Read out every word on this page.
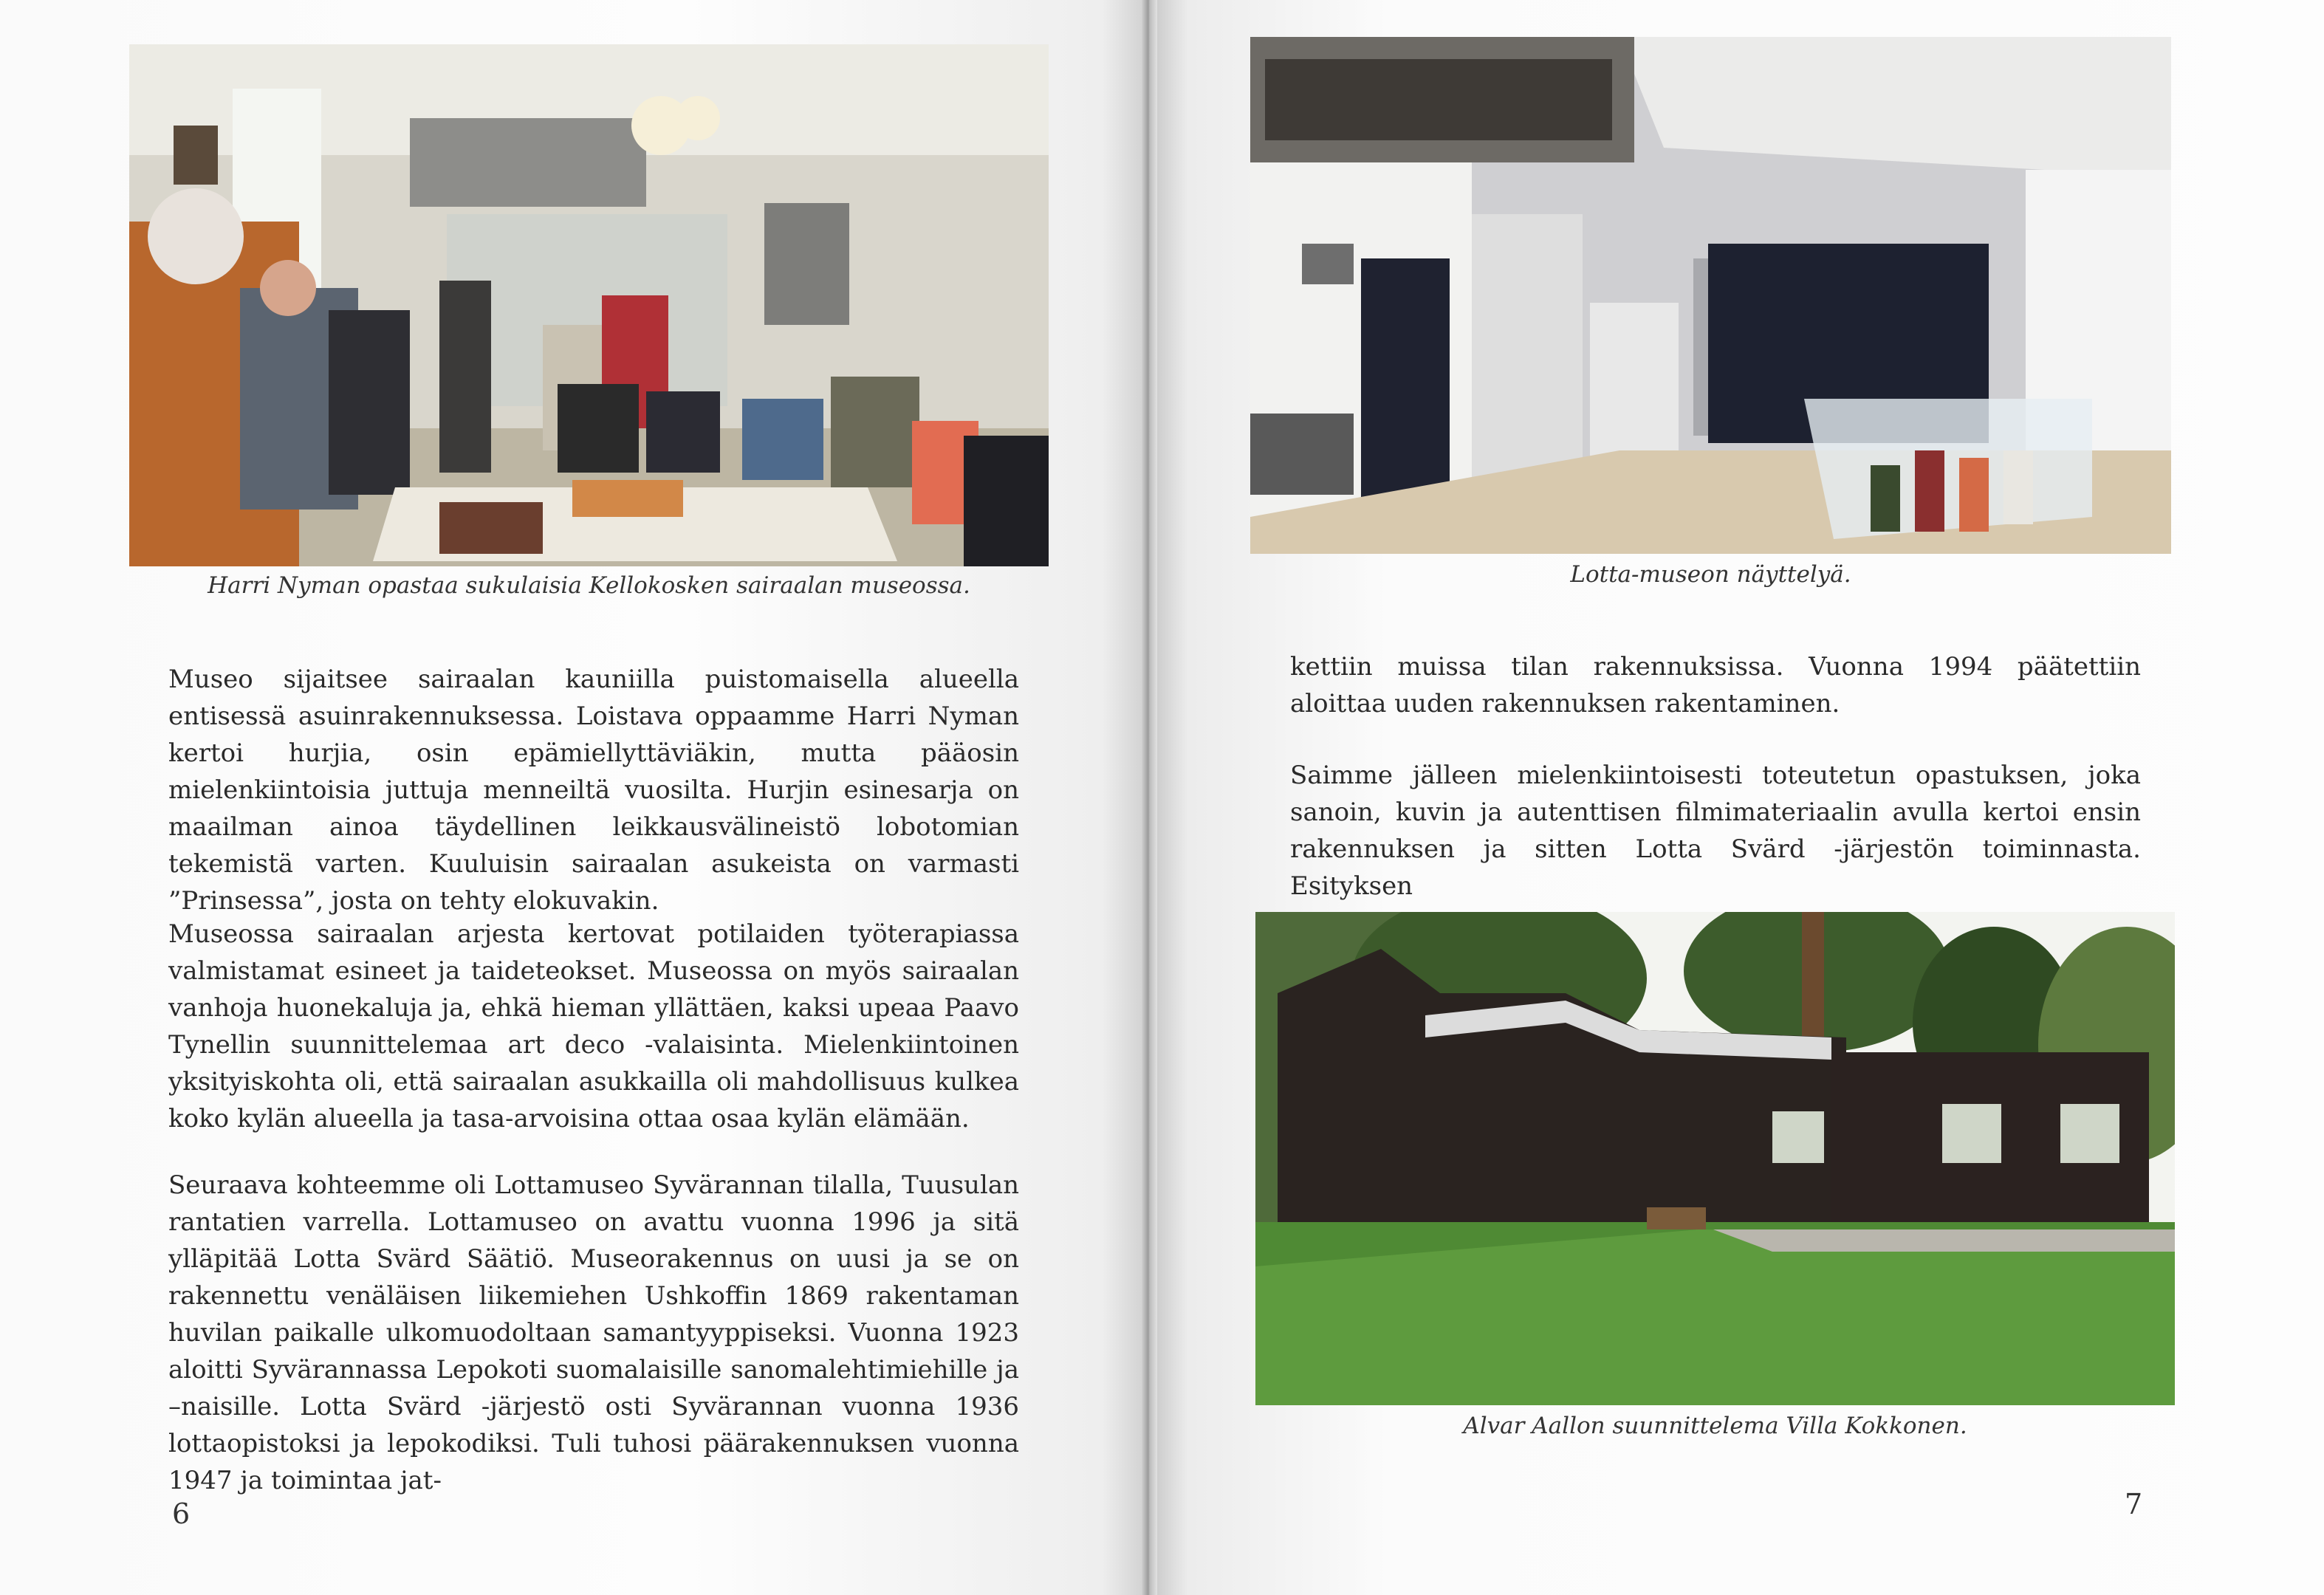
Harri Nyman opastaa sukulaisia Kellokosken sairaalan museossa.

Museo sijaitsee sairaalan kauniilla puistomaisella alueella entisessä asuinrakennuksessa. Loistava oppaamme Harri Nyman kertoi hurjia, osin epämiellyttäviäkin, mutta pääosin mielenkiintoisia juttuja menneiltä vuosilta. Hurjin esinesarja on maailman ainoa täydellinen leikkausvälineistö lobotomian tekemistä varten. Kuuluisin sairaalan asukeista on varmasti ”Prinsessa”, josta on tehty elokuvakin.

Museossa sairaalan arjesta kertovat potilaiden työterapiassa valmistamat esineet ja taideteokset. Museossa on myös sairaalan vanhoja huonekaluja ja, ehkä hieman yllättäen, kaksi upeaa Paavo Tynellin suunnittelemaa art deco -valaisinta. Mielenkiintoinen yksityiskohta oli, että sairaalan asukkailla oli mahdollisuus kulkea koko kylän alueella ja tasa-arvoisina ottaa osaa kylän elämään.

Seuraava kohteemme oli Lottamuseo Syvärannan tilalla, Tuusulan rantatien varrella. Lottamuseo on avattu vuonna 1996 ja sitä ylläpitää Lotta Svärd Säätiö. Museorakennus on uusi ja se on rakennettu venäläisen liikemiehen Ushkoffin 1869 rakentaman huvilan paikalle ulkomuodoltaan samantyyppiseksi. Vuonna 1923 aloitti Syvärannassa Lepokoti suomalaisille sanomalehtimiehille ja –naisille. Lotta Svärd -järjestö osti Syvärannan vuonna 1936 lottaopistoksi ja lepokodiksi. Tuli tuhosi päärakennuksen vuonna 1947 ja toimintaa jat-

6
Lotta-museon näyttelyä.

kettiin muissa tilan rakennuksissa. Vuonna 1994 päätettiin aloittaa uuden rakennuksen rakentaminen.

Saimme jälleen mielenkiintoisesti toteutetun opastuksen, joka sanoin, kuvin ja autenttisen filmimateriaalin avulla kertoi ensin rakennuksen ja sitten Lotta Svärd -järjestön toiminnasta. Esityksen

Alvar Aallon suunnittelema Villa Kokkonen.
7
